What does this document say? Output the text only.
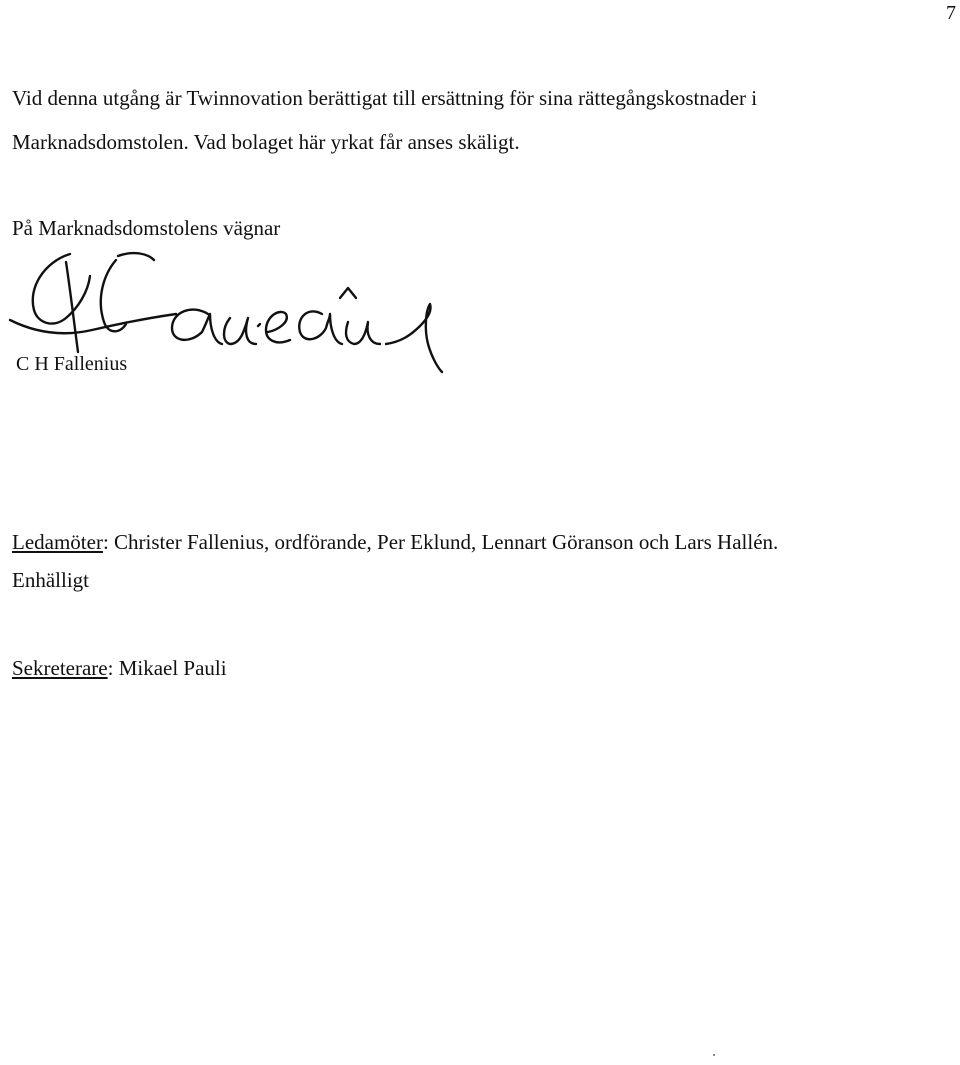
7
Vid denna utgång är Twinnovation berättigat till ersättning för sina rättegångskostnader i
Marknadsdomstolen. Vad bolaget här yrkat får anses skäligt.
På Marknadsdomstolens vägnar
C H Fallenius
Ledamöter: Christer Fallenius, ordförande, Per Eklund, Lennart Göranson och Lars Hallén.
Enhälligt
Sekreterare: Mikael Pauli
